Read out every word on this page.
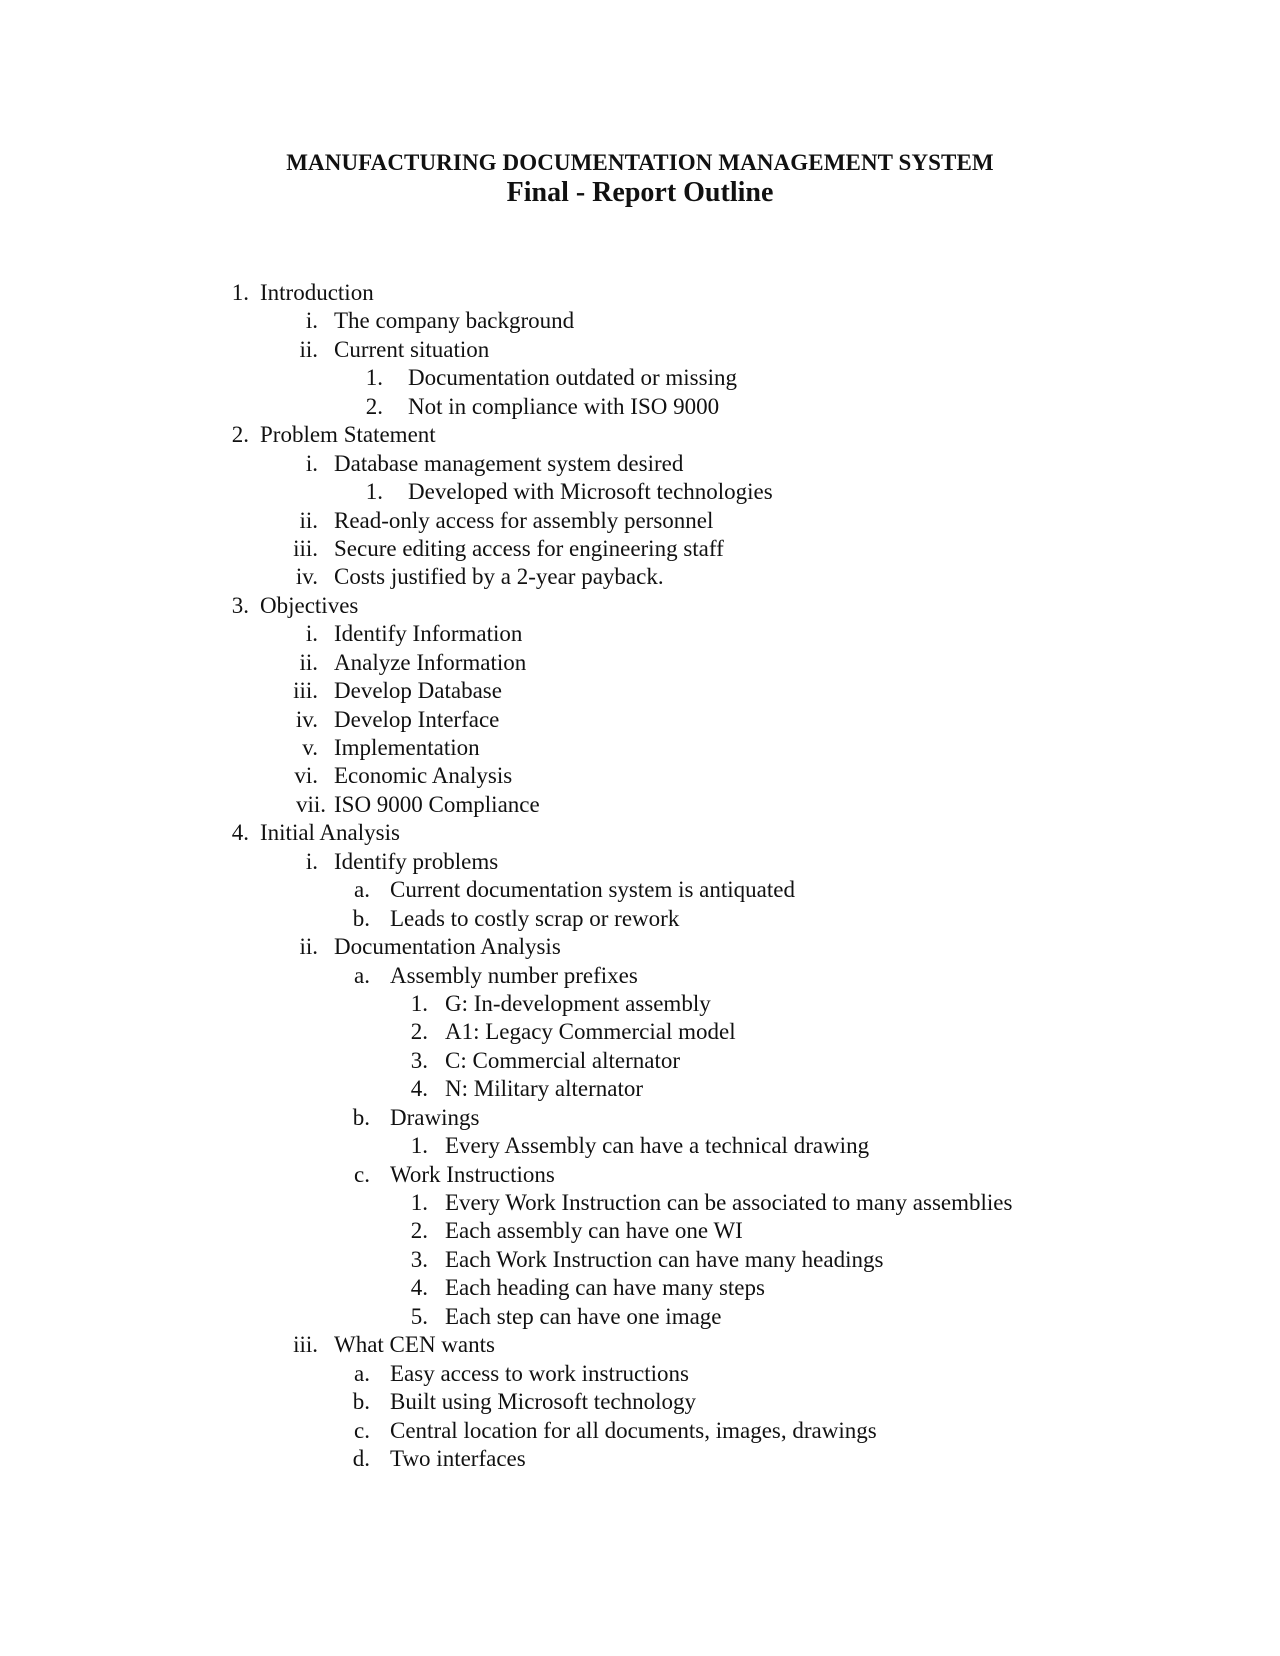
MANUFACTURING DOCUMENTATION MANAGEMENT SYSTEM
Final - Report Outline
1. Introduction
i. The company background
ii. Current situation
1. Documentation outdated or missing
2. Not in compliance with ISO 9000
2. Problem Statement
i. Database management system desired
1. Developed with Microsoft technologies
ii. Read-only access for assembly personnel
iii. Secure editing access for engineering staff
iv. Costs justified by a 2-year payback.
3. Objectives
i. Identify Information
ii. Analyze Information
iii. Develop Database
iv. Develop Interface
v. Implementation
vi. Economic Analysis
vii. ISO 9000 Compliance
4. Initial Analysis
i. Identify problems
a. Current documentation system is antiquated
b. Leads to costly scrap or rework
ii. Documentation Analysis
a. Assembly number prefixes
1. G: In-development assembly
2. A1: Legacy Commercial model
3. C: Commercial alternator
4. N: Military alternator
b. Drawings
1. Every Assembly can have a technical drawing
c. Work Instructions
1. Every Work Instruction can be associated to many assemblies
2. Each assembly can have one WI
3. Each Work Instruction can have many headings
4. Each heading can have many steps
5. Each step can have one image
iii. What CEN wants
a. Easy access to work instructions
b. Built using Microsoft technology
c. Central location for all documents, images, drawings
d. Two interfaces
